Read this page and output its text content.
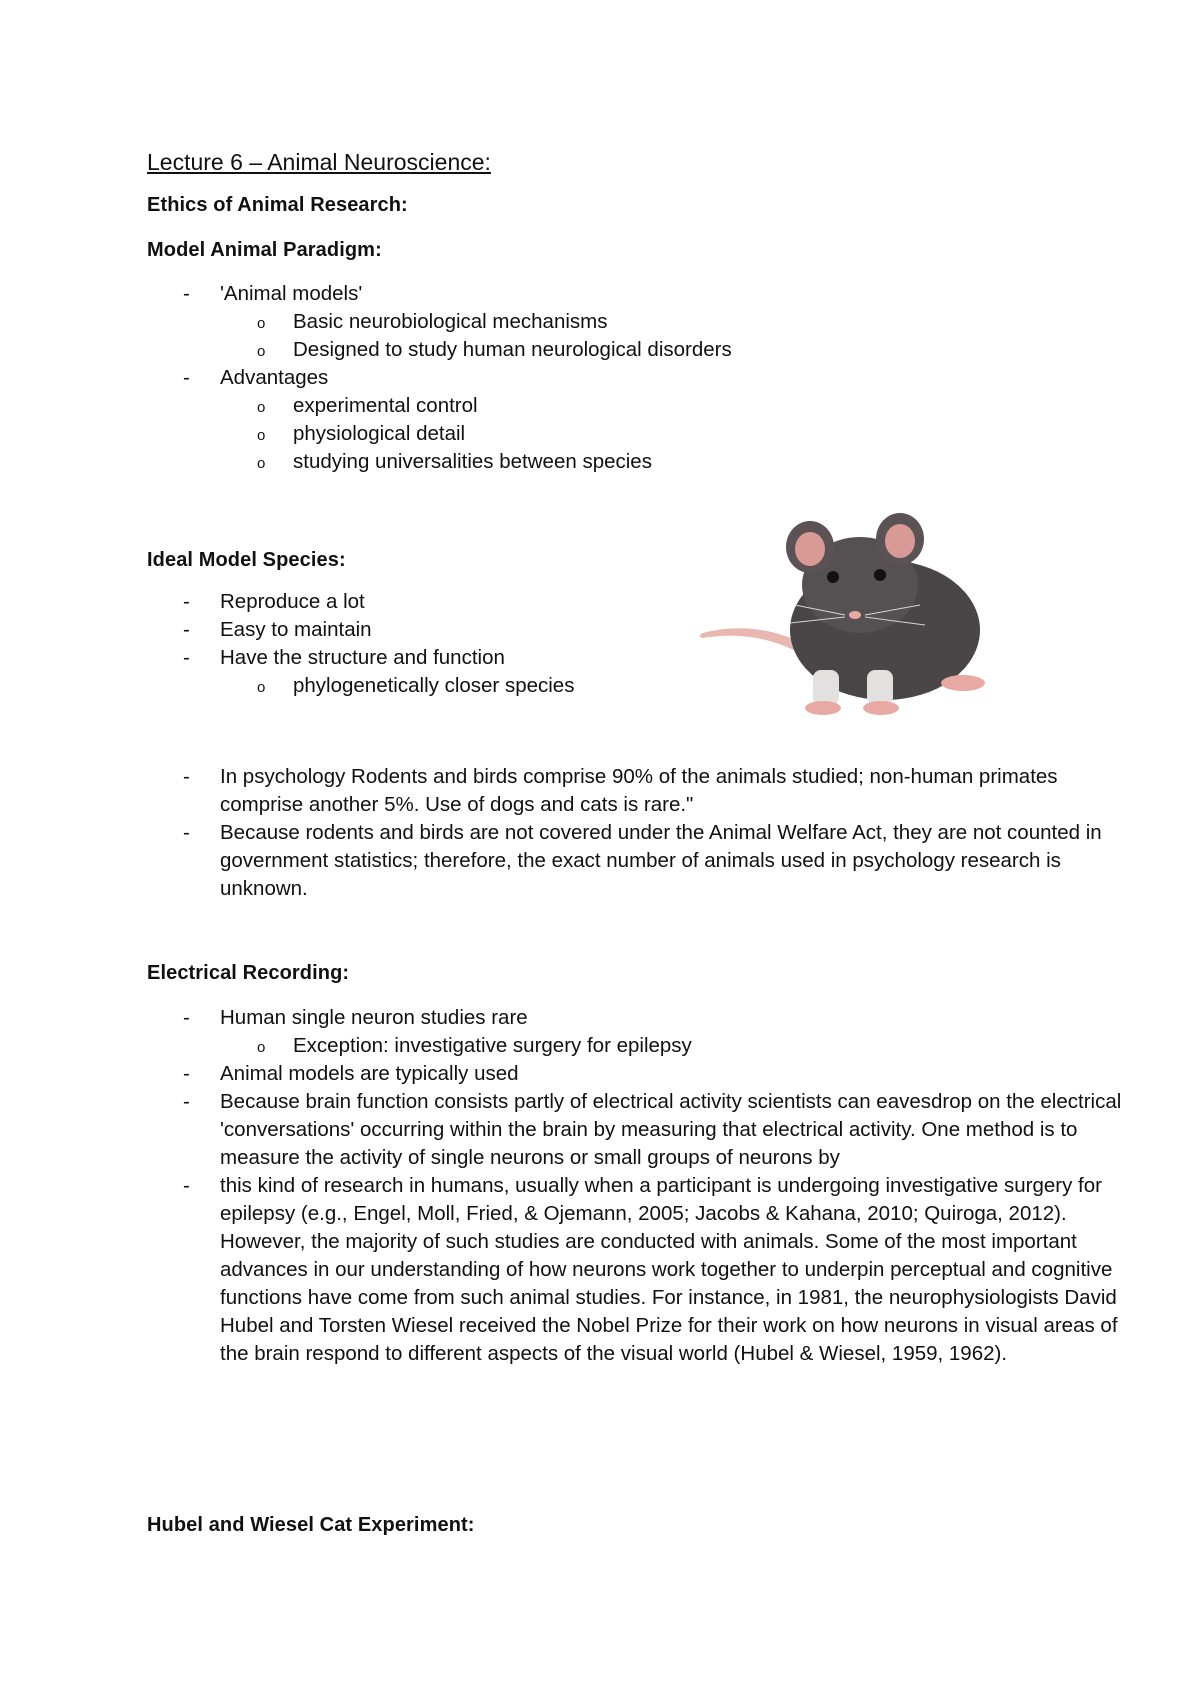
Lecture 6 – Animal Neuroscience:
Ethics of Animal Research:
Model Animal Paradigm:
- 'Animal models'
o Basic neurobiological mechanisms
o Designed to study human neurological disorders
- Advantages
o experimental control
o physiological detail
o studying universalities between species
Ideal Model Species:
- Reproduce a lot
- Easy to maintain
- Have the structure and function
o phylogenetically closer species
- In psychology Rodents and birds comprise 90% of the animals studied; non-human primates comprise another 5%. Use of dogs and cats is rare."
- Because rodents and birds are not covered under the Animal Welfare Act, they are not counted in government statistics; therefore, the exact number of animals used in psychology research is unknown.
Electrical Recording:
- Human single neuron studies rare
o Exception: investigative surgery for epilepsy
- Animal models are typically used
- Because brain function consists partly of electrical activity scientists can eavesdrop on the electrical 'conversations' occurring within the brain by measuring that electrical activity. One method is to measure the activity of single neurons or small groups of neurons by
- this kind of research in humans, usually when a participant is undergoing investigative surgery for epilepsy (e.g., Engel, Moll, Fried, & Ojemann, 2005; Jacobs & Kahana, 2010; Quiroga, 2012). However, the majority of such studies are conducted with animals. Some of the most important advances in our understanding of how neurons work together to underpin perceptual and cognitive functions have come from such animal studies. For instance, in 1981, the neurophysiologists David Hubel and Torsten Wiesel received the Nobel Prize for their work on how neurons in visual areas of the brain respond to different aspects of the visual world (Hubel & Wiesel, 1959, 1962).
Hubel and Wiesel Cat Experiment:
